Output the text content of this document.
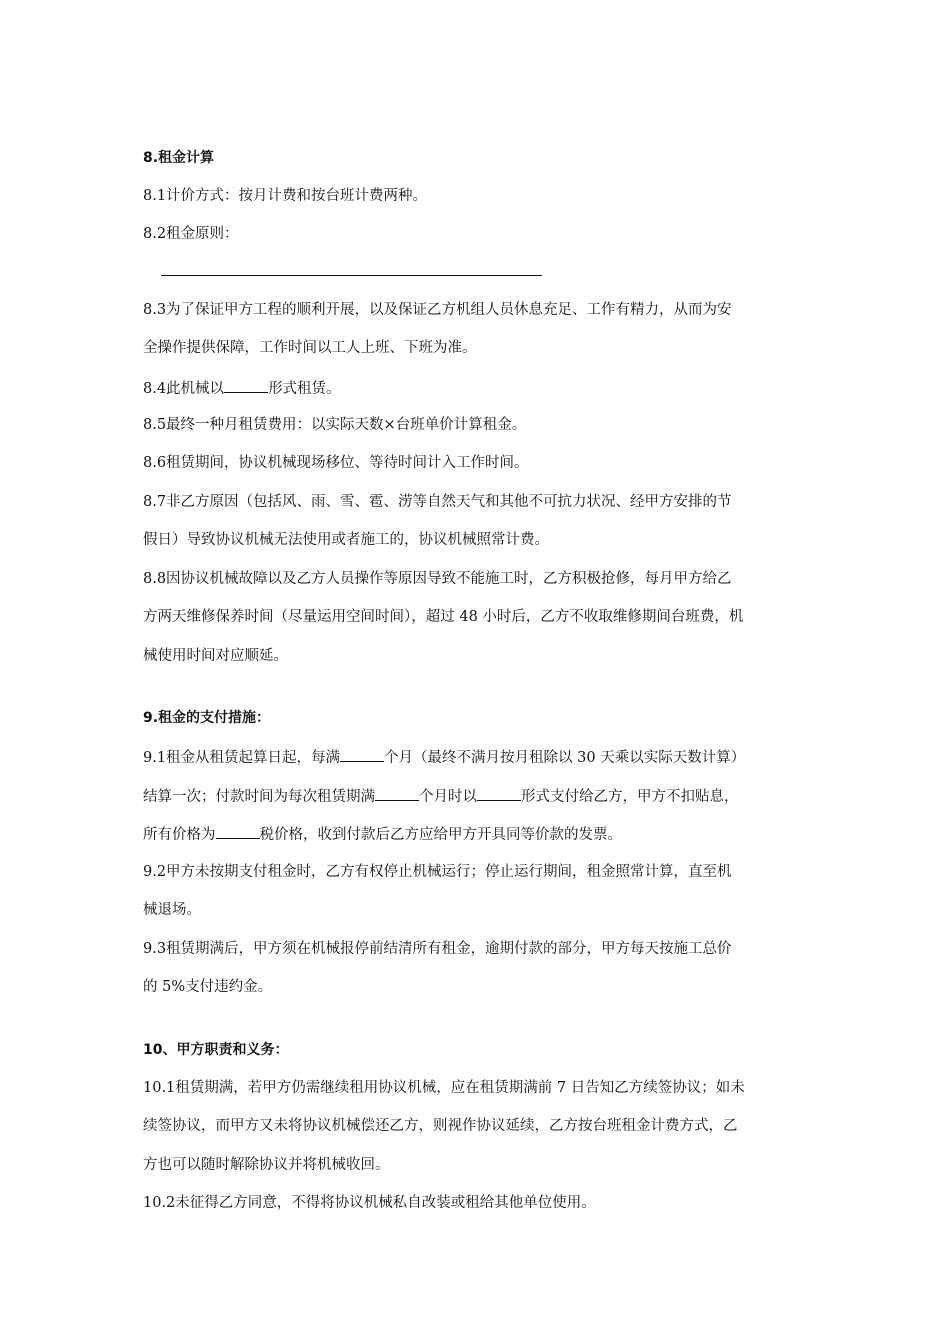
8.租金计算
8.1计价方式：按月计费和按台班计费两种。
8.2租金原则：
8.3为了保证甲方工程的顺利开展，以及保证乙方机组人员休息充足、工作有精力，从而为安
全操作提供保障，工作时间以工人上班、下班为准。
8.4此机械以	形式租赁。
8.5最终一种月租赁费用：以实际天数×台班单价计算租金。
8.6租赁期间，协议机械现场移位、等待时间计入工作时间。
8.7非乙方原因（包括风、雨、雪、雹、涝等自然天气和其他不可抗力状况、经甲方安排的节
假日）导致协议机械无法使用或者施工的，协议机械照常计费。
8.8因协议机械故障以及乙方人员操作等原因导致不能施工时，乙方积极抢修，每月甲方给乙
方两天维修保养时间（尽量运用空间时间），超过 48 小时后，乙方不收取维修期间台班费，机
械使用时间对应顺延。
9.租金的支付措施：
9.1租金从租赁起算日起，每满	个月（最终不满月按月租除以 30 天乘以实际天数计算）
结算一次；付款时间为每次租赁期满	个月时以	形式支付给乙方，甲方不扣贴息，
所有价格为	税价格，收到付款后乙方应给甲方开具同等价款的发票。
9.2甲方未按期支付租金时，乙方有权停止机械运行；停止运行期间，租金照常计算，直至机
械退场。
9.3租赁期满后，甲方须在机械报停前结清所有租金，逾期付款的部分，甲方每天按施工总价
的 5%支付违约金。
10、甲方职责和义务：
10.1租赁期满，若甲方仍需继续租用协议机械，应在租赁期满前 7 日告知乙方续签协议；如未
续签协议，而甲方又未将协议机械偿还乙方，则视作协议延续，乙方按台班租金计费方式，乙
方也可以随时解除协议并将机械收回。
10.2未征得乙方同意，不得将协议机械私自改装或租给其他单位使用。
